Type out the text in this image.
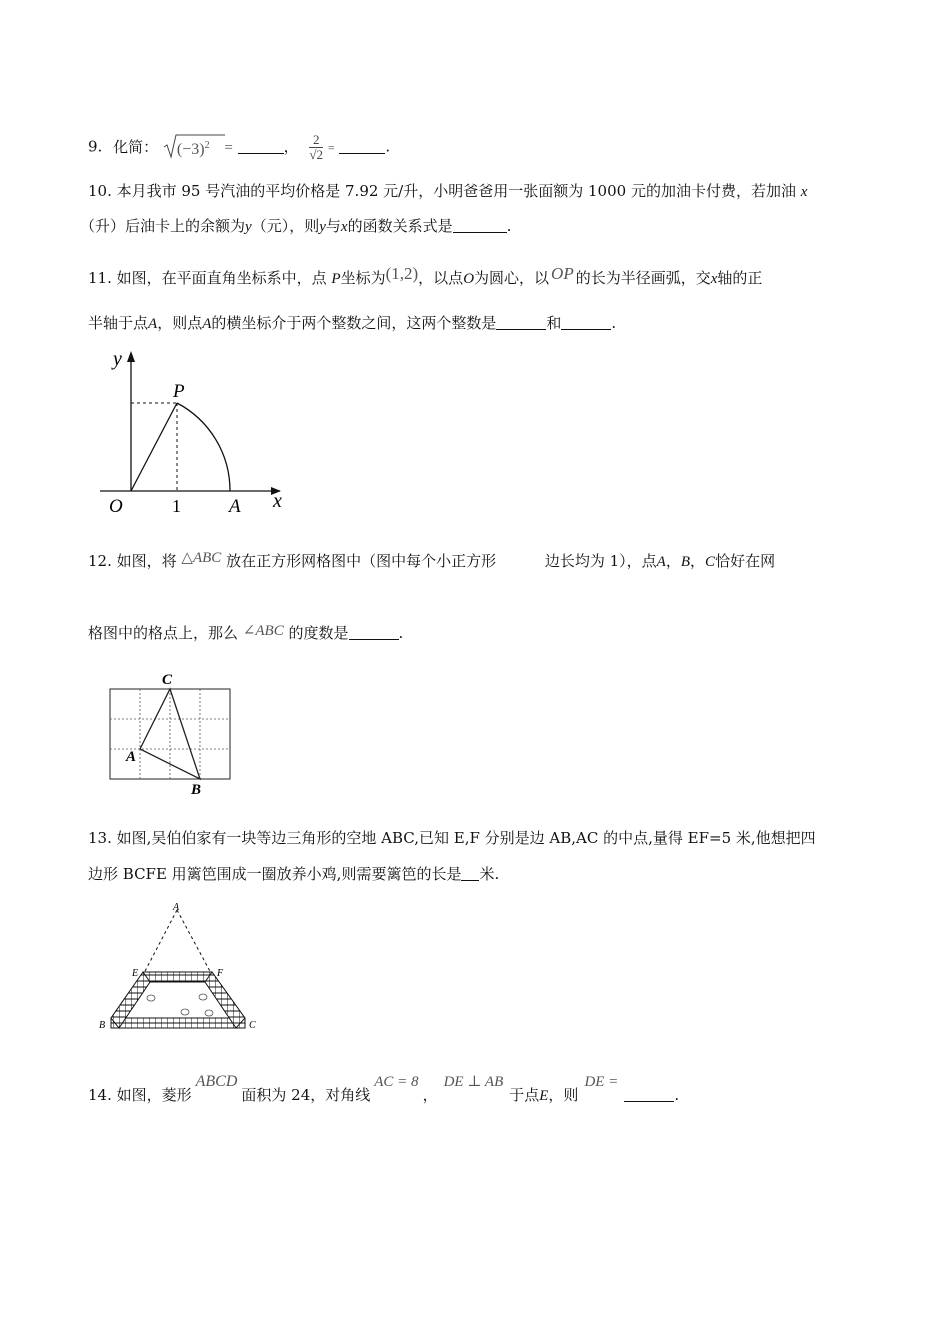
9. 化简： $(-3)^2$ =	， $\frac{2}{√2}$ =	.
10. 本月我市 95 号汽油的平均价格是 7.92 元/升，小明爸爸用一张面额为 1000 元的加油卡付费，若加油 x
（升）后油卡上的余额为y（元），则y与x的函数关系式是	.
11. 如图，在平面直角坐标系中，点 P坐标为(1,2)，以点O为圆心，以 OP 的长为半径画弧，交x轴的正
半轴于点A，则点A的横坐标介于两个整数之间，这两个整数是	和	.
y
x
P
O	1	A
12. 如图，将 △ABC 放在正方形网格图中（图中每个小正方形	边长均为 1），点A，B，C恰好在网
格图中的格点上，那么 ∠ABC 的度数是	.
C
A
B
13. 如图,吴伯伯家有一块等边三角形的空地 ABC,已知 E,F 分别是边 AB,AC 的中点,量得 EF=5 米,他想把四
边形 BCFE 用篱笆围成一圈放养小鸡,则需要篱笆的长是 米.
A
E	F
B	C
14. 如图，菱形ABCD面积为 24，对角线AC = 8，DE ⊥ AB于点E，则DE =.
